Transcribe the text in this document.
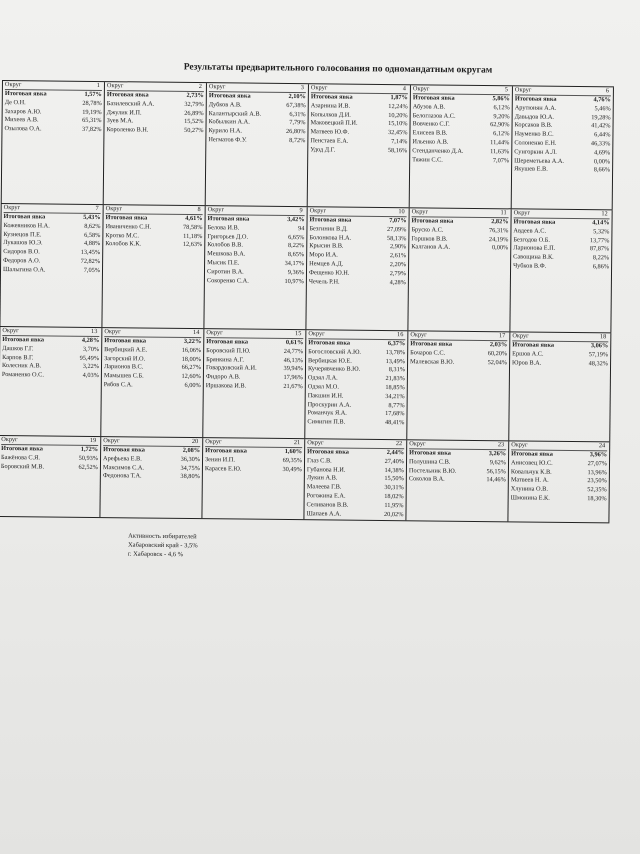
Результаты предварительного голосования по одномандатным округам
Округ	1
Итоговая явка	1,57%
Де О.Н.	28,78%
Захаров А.Ю.	19,19%
Михеев А.В.	65,31%
Озылова О.А.	37,82%
Округ	2
Итоговая явка	2,73%
Базилевский А.А.	32,79%
Джулик И.П.	26,89%
Зуев М.А.	15,52%
Короленко В.Н.	50,27%
Округ	3
Итоговая явка	2,10%
Дубков А.В.	67,38%
Калантырский А.В.	6,31%
Кобылкин А.А.	7,79%
Курило Н.А.	26,80%
Негматов Ф.У.	8,72%
Округ	4
Итоговая явка	1,87%
Азарнина И.В.	12,24%
Копылков Д.И.	10,20%
Маковецкий П.И.	15,10%
Матвеев Ю.Ф.	32,45%
Пенстаев Е.А.	7,14%
Удод Д.Г.	58,16%
Округ	5
Итоговая явка	5,86%
Абузов А.В.	6,12%
Белоглазов А.С.	9,20%
Вовченко С.Г.	62,90%
Елисеев В.В.	6,12%
Ильенко А.В.	11,44%
Стенданченко Д.А.	11,63%
Тяжин С.С.	7,07%
Округ	6
Итоговая явка	4,76%
Арутюнян А.А.	5,46%
Давыдов Ю.А.	19,28%
Корсаков В.В.	41,42%
Науменко В.С.	6,44%
Солоненко Е.Н.	46,33%
Сунгоркин А.Л.	4,69%
Шереметьева А.А.	0,00%
Якушев Е.В.	8,66%
Округ	7
Итоговая явка	5,43%
Кожевников Н.А.	8,62%
Кузнецов П.Е.	6,58%
Лукашов Ю.Э.	4,88%
Сидоров В.О.	13,45%
Федоров А.О.	72,82%
Шалыгина О.А.	7,05%
Округ	8
Итоговая явка	4,61%
Иваниченко С.Н.	78,58%
Кротко М.С.	11,18%
Колобов К.К.	12,63%
Округ	9
Итоговая явка	3,42%
Белова И.В.	94
Григорьев Д.О.	6,65%
Колобов В.В.	8,22%
Мешкова В.А.	8,65%
Мысик П.Е.	34,17%
Сиротин В.А.	9,36%
Сокоренко С.А.	10,97%
Округ	10
Итоговая явка	7,07%
Безгинин В.Д.	27,09%
Болонкова Н.А.	58,13%
Крысин В.В.	2,90%
Моро И.А.	2,61%
Немцев А.Д.	2,20%
Фещенко Ю.Н.	2,79%
Чечель Р.Н.	4,28%
Округ	11
Итоговая явка	2,82%
Бруско А.С.	76,31%
Горшков В.В.	24,19%
Калганов А.А.	0,00%
Округ	12
Итоговая явка	4,14%
Авдеев А.С.	5,32%
Безгодов О.Б.	13,77%
Ларионова Е.П.	87,87%
Савощина В.К.	8,22%
Чубков В.Ф.	6,86%
Округ	13
Итоговая явка	4,28%
Дашков Г.Г.	3,70%
Карпов В.Г.	95,49%
Колесник А.В.	3,22%
Романенко О.С.	4,03%
Округ	14
Итоговая явка	3,22%
Вербицкий А.Е.	16,06%
Загорский И.О.	18,00%
Ларионов В.С.	66,27%
Мамышев С.Б.	12,60%
Рябов С.А.	6,00%
Округ	15
Итоговая явка	0,61%
Боровский П.Ю.	24,77%
Брянкина А.Г.	46,13%
Говардовский А.И.	39,94%
Фидоро А.В.	17,96%
Иршакова И.В.	21,67%
Округ	16
Итоговая явка	6,37%
Богословский А.Ю.	13,78%
Вербицкая Ю.Е.	13,49%
Кучерявченко В.Ю.	8,31%
Одзял Л.А.	21,83%
Одзял М.О.	18,85%
Пакшин И.Н.	34,21%
Проскурин А.А.	8,77%
Романчук Я.А.	17,68%
Симигин П.В.	48,41%
Округ	17
Итоговая явка	2,03%
Бочаров С.С.	60,20%
Малевская В.Ю.	52,04%
Округ	18
Итоговая явка	3,06%
Ершов А.С.	57,19%
Юров В.А.	48,32%
Округ	19
Итоговая явка	1,72%
Бажёнова С.Я.	50,93%
Боровский М.В.	62,52%
Округ	20
Итоговая явка	2,08%
Арефьева Е.В.	36,30%
Максимов С.А.	34,75%
Федонова Т.А.	38,80%
Округ	21
Итоговая явка	1,60%
Зенин И.П.	69,35%
Карасев Е.Ю.	30,49%
Округ	22
Итоговая явка	2,44%
Глаз С.В.	27,40%
Губанова Н.И.	14,38%
Лукин А.В.	15,50%
Малеева Г.В.	30,31%
Рогожина Е.А.	18,02%
Селиванов В.В.	11,95%
Шапаев А.А.	20,02%
Округ	23
Итоговая явка	3,26%
Полушина С.В.	9,62%
Постельник В.Ю.	56,15%
Соколов В.А.	14,46%
Округ	24
Итоговая явка	3,96%
Анисовец Ю.С.	27,07%
Ковальчук К.В.	13,96%
Матвеев Н. А.	23,50%
Хлунина О.В.	52,35%
Шмонина Е.К.	18,30%
Активность избирателей
Хабаровский край - 3,5%
г. Хабаровск - 4,6 %
